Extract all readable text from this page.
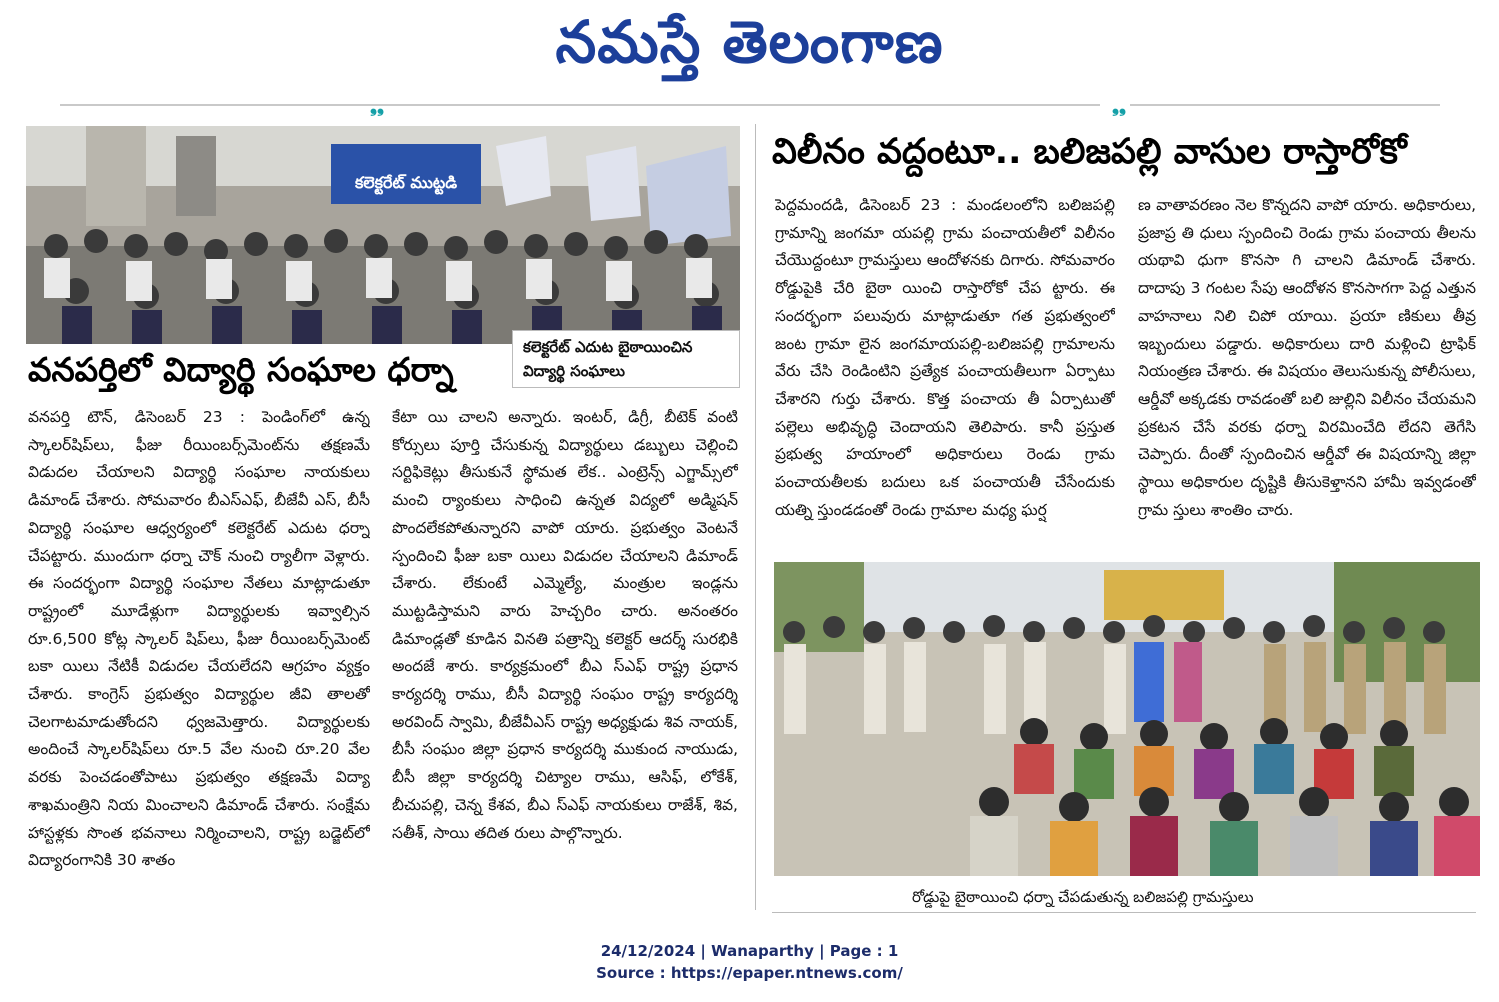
నమస్తే తెలంగాణ
❟❟	❟❟
కలెక్టరేట్ ముట్టడి
కలెక్టరేట్ ఎదుట బైఠాయించిన
విద్యార్థి సంఘాలు
వనపర్తిలో విద్యార్థి సంఘాల ధర్నా

వనపర్తి టౌన్, డిసెంబర్ 23 : పెండింగ్‌లో ఉన్న స్కాలర్‌షిప్‌లు, ఫీజు రీయింబర్స్‌మెంట్‌ను తక్షణమే విడుదల చేయాలని విద్యార్థి సంఘాల నాయకులు డిమాండ్ చేశారు. సోమవారం బీఎస్‌ఎఫ్, బీజేవీ ఎస్, బీసీ విద్యార్థి సంఘాల ఆధ్వర్యంలో కలెక్టరేట్ ఎదుట ధర్నా చేపట్టారు. ముందుగా ధర్నా చౌక్ నుంచి ర్యాలీగా వెళ్లారు. ఈ సందర్భంగా విద్యార్థి సంఘాల నేతలు మాట్లాడుతూ రాష్ట్రంలో మూడేళ్లుగా విద్యార్థులకు ఇవ్వాల్సిన రూ.6,500 కోట్ల స్కాలర్ షిప్‌లు, ఫీజు రీయింబర్స్‌మెంట్ బకా యిలు నేటికీ విడుదల చేయలేదని ఆగ్రహం వ్యక్తం చేశారు. కాంగ్రెస్ ప్రభుత్వం విద్యార్థుల జీవి తాలతో చెలగాటమాడుతోందని ధ్వజమెత్తారు. విద్యార్థులకు అందించే స్కాలర్‌షిప్‌లు రూ.5 వేల నుంచి రూ.20 వేల వరకు పెంచడంతోపాటు ప్రభుత్వం తక్షణమే విద్యా శాఖమంత్రిని నియ మించాలని డిమాండ్ చేశారు. సంక్షేమ హాస్టళ్లకు సొంత భవనాలు నిర్మించాలని, రాష్ట్ర బడ్జెట్‌లో విద్యారంగానికి 30 శాతం

కేటా యి చాలని అన్నారు. ఇంటర్, డిగ్రీ, బీటెక్ వంటి కోర్సులు పూర్తి చేసుకున్న విద్యార్థులు డబ్బులు చెల్లించి సర్టిఫికెట్లు తీసుకునే స్థోమత లేక.. ఎంట్రెన్స్ ఎగ్జామ్స్‌లో మంచి ర్యాంకులు సాధించి ఉన్నత విద్యలో అడ్మిషన్ పొందలేకపోతున్నారని వాపో యారు. ప్రభుత్వం వెంటనే స్పందించి ఫీజు బకా యిలు విడుదల చేయాలని డిమాండ్ చేశారు. లేకుంటే ఎమ్మెల్యే, మంత్రుల ఇండ్లను ముట్టడిస్తామని వారు హెచ్చరిం చారు. అనంతరం డిమాండ్లతో కూడిన వినతి పత్రాన్ని కలెక్టర్ ఆదర్శ్ సురభికి అందజే శారు. కార్యక్రమంలో బీఎ స్‌ఎఫ్ రాష్ట్ర ప్రధాన కార్యదర్శి రాము, బీసీ విద్యార్థి సంఘం రాష్ట్ర కార్యదర్శి అరవింద్ స్వామి, బీజేవీఎస్ రాష్ట్ర అధ్యక్షుడు శివ నాయక్, బీసీ సంఘం జిల్లా ప్రధాన కార్యదర్శి ముకుంద నాయుడు, బీసీ జిల్లా కార్యదర్శి చిట్యాల రాము, ఆసిఫ్, లోకేశ్, బీచుపల్లి, చెన్న కేశవ, బీఎ స్‌ఎఫ్ నాయకులు రాజేశ్, శివ, సతీశ్, సాయి తదిత రులు పాల్గొన్నారు.

విలీనం వద్దంటూ.. బలిజపల్లి వాసుల రాస్తారోకో

పెద్దమందడి, డిసెంబర్ 23 : మండలంలోని బలిజపల్లి గ్రామాన్ని జంగమా యపల్లి గ్రామ పంచాయతీలో విలీనం చేయొద్దంటూ గ్రామస్తులు ఆందోళనకు దిగారు. సోమవారం రోడ్డుపైకి చేరి బైఠా యించి రాస్తారోకో చేప ట్టారు. ఈ సందర్భంగా పలువురు మాట్లాడుతూ గత ప్రభుత్వంలో జంట గ్రామా లైన జంగమాయపల్లి-బలిజపల్లి గ్రామాలను వేరు చేసి రెండింటిని ప్రత్యేక పంచాయతీలుగా ఏర్పాటు చేశారని గుర్తు చేశారు. కొత్త పంచాయ తీ ఏర్పాటుతో పల్లెలు అభివృద్ధి చెందాయని తెలిపారు. కానీ ప్రస్తుత ప్రభుత్వ హయాంలో అధికారులు రెండు గ్రామ పంచాయతీలకు బదులు ఒక పంచాయతీ చేసేందుకు యత్ని స్తుండడంతో రెండు గ్రామాల మధ్య ఘర్ష

ణ వాతావరణం నెల కొన్నదని వాపో యారు. అధికారులు, ప్రజాప్ర తి ధులు స్పందించి రెండు గ్రామ పంచాయ తీలను యథావి ధుగా కొనసా గి చాలని డిమాండ్ చేశారు. దాదాపు 3 గంటల సేపు ఆందోళన కొనసాగగా పెద్ద ఎత్తున వాహనాలు నిలి చిపో యాయి. ప్రయా ణికులు తీవ్ర ఇబ్బందులు పడ్డారు. అధికారులు దారి మళ్లించి ట్రాఫిక్ నియంత్రణ చేశారు. ఈ విషయం తెలుసుకున్న పోలీసులు, ఆర్డీవో అక్కడకు రావడంతో బలి జుల్లిని విలీనం చేయమని ప్రకటన చేసే వరకు ధర్నా విరమించేది లేదని తెగేసి చెప్పారు. దీంతో స్పందించిన ఆర్డీవో ఈ విషయాన్ని జిల్లా స్థాయి అధికారుల దృష్టికి తీసుకెళ్తానని హామీ ఇవ్వడంతో గ్రామ స్తులు శాంతిం చారు.

రోడ్డుపై బైఠాయించి ధర్నా చేపడుతున్న బలిజపల్లి గ్రామస్తులు
24/12/2024 | Wanaparthy | Page : 1
Source : https://epaper.ntnews.com/
